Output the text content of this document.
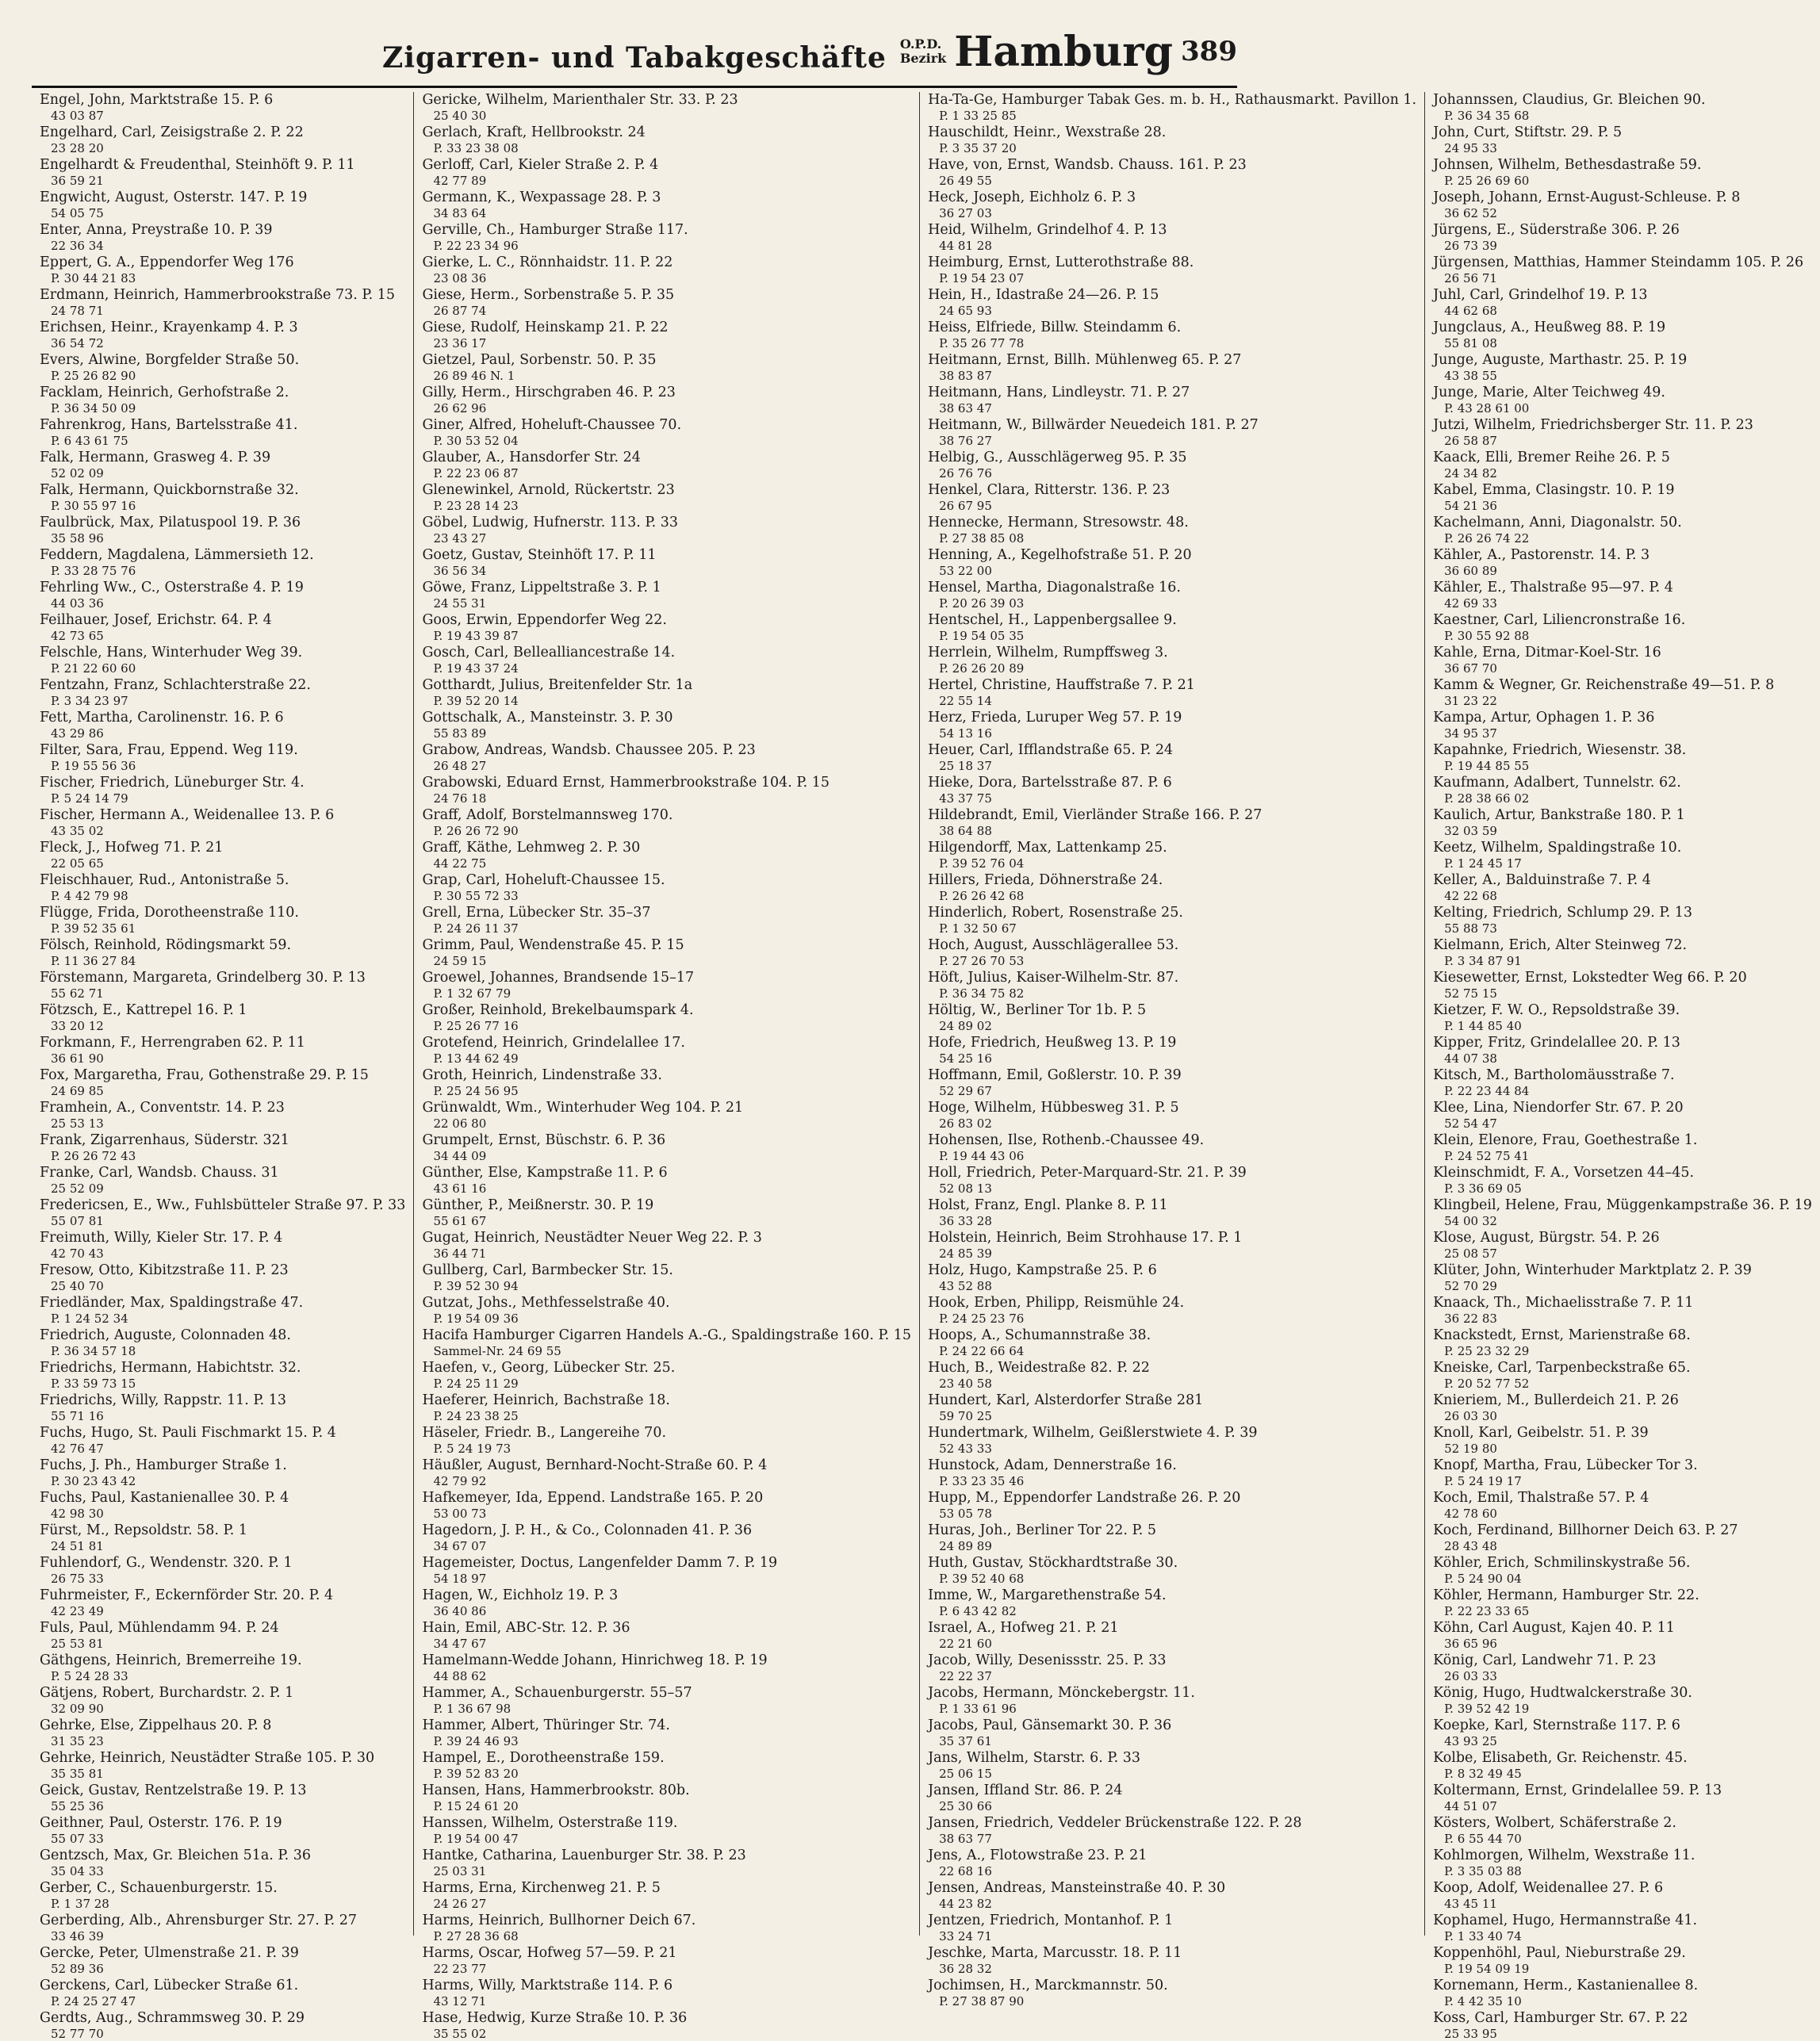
Zigarren- und Tabakgeschäfte	O.P.D.
Bezirk Hamburg 389
Engel, John, Marktstraße 15. P. 6
43 03 87
Engelhard, Carl, Zeisigstraße 2. P. 22
23 28 20
Engelhardt & Freudenthal, Steinhöft 9. P. 11
36 59 21
Engwicht, August, Osterstr. 147. P. 19
54 05 75
Enter, Anna, Preystraße 10. P. 39
22 36 34
Eppert, G. A., Eppendorfer Weg 176
P. 30 44 21 83
Erdmann, Heinrich, Hammerbrookstraße 73. P. 15
24 78 71
Erichsen, Heinr., Krayenkamp 4. P. 3
36 54 72
Evers, Alwine, Borgfelder Straße 50.
P. 25 26 82 90
Facklam, Heinrich, Gerhofstraße 2.
P. 36 34 50 09
Fahrenkrog, Hans, Bartelsstraße 41.
P. 6 43 61 75
Falk, Hermann, Grasweg 4. P. 39
52 02 09
Falk, Hermann, Quickbornstraße 32.
P. 30 55 97 16
Faulbrück, Max, Pilatuspool 19. P. 36
35 58 96
Feddern, Magdalena, Lämmersieth 12.
P. 33 28 75 76
Fehrling Ww., C., Osterstraße 4. P. 19
44 03 36
Feilhauer, Josef, Erichstr. 64. P. 4
42 73 65
Felschle, Hans, Winterhuder Weg 39.
P. 21 22 60 60
Fentzahn, Franz, Schlachterstraße 22.
P. 3 34 23 97
Fett, Martha, Carolinenstr. 16. P. 6
43 29 86
Filter, Sara, Frau, Eppend. Weg 119.
P. 19 55 56 36
Fischer, Friedrich, Lüneburger Str. 4.
P. 5 24 14 79
Fischer, Hermann A., Weidenallee 13. P. 6
43 35 02
Fleck, J., Hofweg 71. P. 21
22 05 65
Fleischhauer, Rud., Antonistraße 5.
P. 4 42 79 98
Flügge, Frida, Dorotheenstraße 110.
P. 39 52 35 61
Fölsch, Reinhold, Rödingsmarkt 59.
P. 11 36 27 84
Förstemann, Margareta, Grindelberg 30. P. 13
55 62 71
Fötzsch, E., Kattrepel 16. P. 1
33 20 12
Forkmann, F., Herrengraben 62. P. 11
36 61 90
Fox, Margaretha, Frau, Gothenstraße 29. P. 15
24 69 85
Framhein, A., Conventstr. 14. P. 23
25 53 13
Frank, Zigarrenhaus, Süderstr. 321
P. 26 26 72 43
Franke, Carl, Wandsb. Chauss. 31
25 52 09
Fredericsen, E., Ww., Fuhlsbütteler Straße 97. P. 33
55 07 81
Freimuth, Willy, Kieler Str. 17. P. 4
42 70 43
Fresow, Otto, Kibitzstraße 11. P. 23
25 40 70
Friedländer, Max, Spaldingstraße 47.
P. 1 24 52 34
Friedrich, Auguste, Colonnaden 48.
P. 36 34 57 18
Friedrichs, Hermann, Habichtstr. 32.
P. 33 59 73 15
Friedrichs, Willy, Rappstr. 11. P. 13
55 71 16
Fuchs, Hugo, St. Pauli Fischmarkt 15. P. 4
42 76 47
Fuchs, J. Ph., Hamburger Straße 1.
P. 30 23 43 42
Fuchs, Paul, Kastanienallee 30. P. 4
42 98 30
Fürst, M., Repsoldstr. 58. P. 1
24 51 81
Fuhlendorf, G., Wendenstr. 320. P. 1
26 75 33
Fuhrmeister, F., Eckernförder Str. 20. P. 4
42 23 49
Fuls, Paul, Mühlendamm 94. P. 24
25 53 81
Gäthgens, Heinrich, Bremerreihe 19.
P. 5 24 28 33
Gätjens, Robert, Burchardstr. 2. P. 1
32 09 90
Gehrke, Else, Zippelhaus 20. P. 8
31 35 23
Gehrke, Heinrich, Neustädter Straße 105. P. 30
35 35 81
Geick, Gustav, Rentzelstraße 19. P. 13
55 25 36
Geithner, Paul, Osterstr. 176. P. 19
55 07 33
Gentzsch, Max, Gr. Bleichen 51a. P. 36
35 04 33
Gerber, C., Schauenburgerstr. 15.
P. 1 37 28
Gerberding, Alb., Ahrensburger Str. 27. P. 27
33 46 39
Gercke, Peter, Ulmenstraße 21. P. 39
52 89 36
Gerckens, Carl, Lübecker Straße 61.
P. 24 25 27 47
Gerdts, Aug., Schrammsweg 30. P. 29
52 77 70
Gericke, Wilhelm, Marienthaler Str. 33. P. 23
25 40 30
Gerlach, Kraft, Hellbrookstr. 24
P. 33 23 38 08
Gerloff, Carl, Kieler Straße 2. P. 4
42 77 89
Germann, K., Wexpassage 28. P. 3
34 83 64
Gerville, Ch., Hamburger Straße 117.
P. 22 23 34 96
Gierke, L. C., Rönnhaidstr. 11. P. 22
23 08 36
Giese, Herm., Sorbenstraße 5. P. 35
26 87 74
Giese, Rudolf, Heinskamp 21. P. 22
23 36 17
Gietzel, Paul, Sorbenstr. 50. P. 35
26 89 46 N. 1
Gilly, Herm., Hirschgraben 46. P. 23
26 62 96
Giner, Alfred, Hoheluft-Chaussee 70.
P. 30 53 52 04
Glauber, A., Hansdorfer Str. 24
P. 22 23 06 87
Glenewinkel, Arnold, Rückertstr. 23
P. 23 28 14 23
Göbel, Ludwig, Hufnerstr. 113. P. 33
23 43 27
Goetz, Gustav, Steinhöft 17. P. 11
36 56 34
Göwe, Franz, Lippeltstraße 3. P. 1
24 55 31
Goos, Erwin, Eppendorfer Weg 22.
P. 19 43 39 87
Gosch, Carl, Bellealliancestraße 14.
P. 19 43 37 24
Gotthardt, Julius, Breitenfelder Str. 1a
P. 39 52 20 14
Gottschalk, A., Mansteinstr. 3. P. 30
55 83 89
Grabow, Andreas, Wandsb. Chaussee 205. P. 23
26 48 27
Grabowski, Eduard Ernst, Hammerbrookstraße 104. P. 15
24 76 18
Graff, Adolf, Borstelmannsweg 170.
P. 26 26 72 90
Graff, Käthe, Lehmweg 2. P. 30
44 22 75
Grap, Carl, Hoheluft-Chaussee 15.
P. 30 55 72 33
Grell, Erna, Lübecker Str. 35–37
P. 24 26 11 37
Grimm, Paul, Wendenstraße 45. P. 15
24 59 15
Groewel, Johannes, Brandsende 15–17
P. 1 32 67 79
Großer, Reinhold, Brekelbaumspark 4.
P. 25 26 77 16
Grotefend, Heinrich, Grindelallee 17.
P. 13 44 62 49
Groth, Heinrich, Lindenstraße 33.
P. 25 24 56 95
Grünwaldt, Wm., Winterhuder Weg 104. P. 21
22 06 80
Grumpelt, Ernst, Büschstr. 6. P. 36
34 44 09
Günther, Else, Kampstraße 11. P. 6
43 61 16
Günther, P., Meißnerstr. 30. P. 19
55 61 67
Gugat, Heinrich, Neustädter Neuer Weg 22. P. 3
36 44 71
Gullberg, Carl, Barmbecker Str. 15.
P. 39 52 30 94
Gutzat, Johs., Methfesselstraße 40.
P. 19 54 09 36
Hacifa Hamburger Cigarren Handels A.-G., Spaldingstraße 160. P. 15
Sammel-Nr. 24 69 55
Haefen, v., Georg, Lübecker Str. 25.
P. 24 25 11 29
Haeferer, Heinrich, Bachstraße 18.
P. 24 23 38 25
Häseler, Friedr. B., Langereihe 70.
P. 5 24 19 73
Häußler, August, Bernhard-Nocht-Straße 60. P. 4
42 79 92
Hafkemeyer, Ida, Eppend. Landstraße 165. P. 20
53 00 73
Hagedorn, J. P. H., & Co., Colonnaden 41. P. 36
34 67 07
Hagemeister, Doctus, Langenfelder Damm 7. P. 19
54 18 97
Hagen, W., Eichholz 19. P. 3
36 40 86
Hain, Emil, ABC-Str. 12. P. 36
34 47 67
Hamelmann-Wedde Johann, Hinrichweg 18. P. 19
44 88 62
Hammer, A., Schauenburgerstr. 55–57
P. 1 36 67 98
Hammer, Albert, Thüringer Str. 74.
P. 39 24 46 93
Hampel, E., Dorotheenstraße 159.
P. 39 52 83 20
Hansen, Hans, Hammerbrookstr. 80b.
P. 15 24 61 20
Hanssen, Wilhelm, Osterstraße 119.
P. 19 54 00 47
Hantke, Catharina, Lauenburger Str. 38. P. 23
25 03 31
Harms, Erna, Kirchenweg 21. P. 5
24 26 27
Harms, Heinrich, Bullhorner Deich 67.
P. 27 28 36 68
Harms, Oscar, Hofweg 57—59. P. 21
22 23 77
Harms, Willy, Marktstraße 114. P. 6
43 12 71
Hase, Hedwig, Kurze Straße 10. P. 36
35 55 02
Ha-Ta-Ge, Hamburger Tabak Ges. m. b. H., Rathausmarkt. Pavillon 1.
P. 1 33 25 85
Hauschildt, Heinr., Wexstraße 28.
P. 3 35 37 20
Have, von, Ernst, Wandsb. Chauss. 161. P. 23
26 49 55
Heck, Joseph, Eichholz 6. P. 3
36 27 03
Heid, Wilhelm, Grindelhof 4. P. 13
44 81 28
Heimburg, Ernst, Lutterothstraße 88.
P. 19 54 23 07
Hein, H., Idastraße 24—26. P. 15
24 65 93
Heiss, Elfriede, Billw. Steindamm 6.
P. 35 26 77 78
Heitmann, Ernst, Billh. Mühlenweg 65. P. 27
38 83 87
Heitmann, Hans, Lindleystr. 71. P. 27
38 63 47
Heitmann, W., Billwärder Neuedeich 181. P. 27
38 76 27
Helbig, G., Ausschlägerweg 95. P. 35
26 76 76
Henkel, Clara, Ritterstr. 136. P. 23
26 67 95
Hennecke, Hermann, Stresowstr. 48.
P. 27 38 85 08
Henning, A., Kegelhofstraße 51. P. 20
53 22 00
Hensel, Martha, Diagonalstraße 16.
P. 20 26 39 03
Hentschel, H., Lappenbergsallee 9.
P. 19 54 05 35
Herrlein, Wilhelm, Rumpffsweg 3.
P. 26 26 20 89
Hertel, Christine, Hauffstraße 7. P. 21
22 55 14
Herz, Frieda, Luruper Weg 57. P. 19
54 13 16
Heuer, Carl, Ifflandstraße 65. P. 24
25 18 37
Hieke, Dora, Bartelsstraße 87. P. 6
43 37 75
Hildebrandt, Emil, Vierländer Straße 166. P. 27
38 64 88
Hilgendorff, Max, Lattenkamp 25.
P. 39 52 76 04
Hillers, Frieda, Döhnerstraße 24.
P. 26 26 42 68
Hinderlich, Robert, Rosenstraße 25.
P. 1 32 50 67
Hoch, August, Ausschlägerallee 53.
P. 27 26 70 53
Höft, Julius, Kaiser-Wilhelm-Str. 87.
P. 36 34 75 82
Höltig, W., Berliner Tor 1b. P. 5
24 89 02
Hofe, Friedrich, Heußweg 13. P. 19
54 25 16
Hoffmann, Emil, Goßlerstr. 10. P. 39
52 29 67
Hoge, Wilhelm, Hübbesweg 31. P. 5
26 83 02
Hohensen, Ilse, Rothenb.-Chaussee 49.
P. 19 44 43 06
Holl, Friedrich, Peter-Marquard-Str. 21. P. 39
52 08 13
Holst, Franz, Engl. Planke 8. P. 11
36 33 28
Holstein, Heinrich, Beim Strohhause 17. P. 1
24 85 39
Holz, Hugo, Kampstraße 25. P. 6
43 52 88
Hook, Erben, Philipp, Reismühle 24.
P. 24 25 23 76
Hoops, A., Schumannstraße 38.
P. 24 22 66 64
Huch, B., Weidestraße 82. P. 22
23 40 58
Hundert, Karl, Alsterdorfer Straße 281
59 70 25
Hundertmark, Wilhelm, Geißlerstwiete 4. P. 39
52 43 33
Hunstock, Adam, Dennerstraße 16.
P. 33 23 35 46
Hupp, M., Eppendorfer Landstraße 26. P. 20
53 05 78
Huras, Joh., Berliner Tor 22. P. 5
24 89 89
Huth, Gustav, Stöckhardtstraße 30.
P. 39 52 40 68
Imme, W., Margarethenstraße 54.
P. 6 43 42 82
Israel, A., Hofweg 21. P. 21
22 21 60
Jacob, Willy, Desenissstr. 25. P. 33
22 22 37
Jacobs, Hermann, Mönckebergstr. 11.
P. 1 33 61 96
Jacobs, Paul, Gänsemarkt 30. P. 36
35 37 61
Jans, Wilhelm, Starstr. 6. P. 33
25 06 15
Jansen, Iffland Str. 86. P. 24
25 30 66
Jansen, Friedrich, Veddeler Brückenstraße 122. P. 28
38 63 77
Jens, A., Flotowstraße 23. P. 21
22 68 16
Jensen, Andreas, Mansteinstraße 40. P. 30
44 23 82
Jentzen, Friedrich, Montanhof. P. 1
33 24 71
Jeschke, Marta, Marcusstr. 18. P. 11
36 28 32
Jochimsen, H., Marckmannstr. 50.
P. 27 38 87 90
Johannssen, Claudius, Gr. Bleichen 90.
P. 36 34 35 68
John, Curt, Stiftstr. 29. P. 5
24 95 33
Johnsen, Wilhelm, Bethesdastraße 59.
P. 25 26 69 60
Joseph, Johann, Ernst-August-Schleuse. P. 8
36 62 52
Jürgens, E., Süderstraße 306. P. 26
26 73 39
Jürgensen, Matthias, Hammer Steindamm 105. P. 26
26 56 71
Juhl, Carl, Grindelhof 19. P. 13
44 62 68
Jungclaus, A., Heußweg 88. P. 19
55 81 08
Junge, Auguste, Marthastr. 25. P. 19
43 38 55
Junge, Marie, Alter Teichweg 49.
P. 43 28 61 00
Jutzi, Wilhelm, Friedrichsberger Str. 11. P. 23
26 58 87
Kaack, Elli, Bremer Reihe 26. P. 5
24 34 82
Kabel, Emma, Clasingstr. 10. P. 19
54 21 36
Kachelmann, Anni, Diagonalstr. 50.
P. 26 26 74 22
Kähler, A., Pastorenstr. 14. P. 3
36 60 89
Kähler, E., Thalstraße 95—97. P. 4
42 69 33
Kaestner, Carl, Liliencronstraße 16.
P. 30 55 92 88
Kahle, Erna, Ditmar-Koel-Str. 16
36 67 70
Kamm & Wegner, Gr. Reichenstraße 49—51. P. 8
31 23 22
Kampa, Artur, Ophagen 1. P. 36
34 95 37
Kapahnke, Friedrich, Wiesenstr. 38.
P. 19 44 85 55
Kaufmann, Adalbert, Tunnelstr. 62.
P. 28 38 66 02
Kaulich, Artur, Bankstraße 180. P. 1
32 03 59
Keetz, Wilhelm, Spaldingstraße 10.
P. 1 24 45 17
Keller, A., Balduinstraße 7. P. 4
42 22 68
Kelting, Friedrich, Schlump 29. P. 13
55 88 73
Kielmann, Erich, Alter Steinweg 72.
P. 3 34 87 91
Kiesewetter, Ernst, Lokstedter Weg 66. P. 20
52 75 15
Kietzer, F. W. O., Repsoldstraße 39.
P. 1 44 85 40
Kipper, Fritz, Grindelallee 20. P. 13
44 07 38
Kitsch, M., Bartholomäusstraße 7.
P. 22 23 44 84
Klee, Lina, Niendorfer Str. 67. P. 20
52 54 47
Klein, Elenore, Frau, Goethestraße 1.
P. 24 52 75 41
Kleinschmidt, F. A., Vorsetzen 44–45.
P. 3 36 69 05
Klingbeil, Helene, Frau, Müggenkampstraße 36. P. 19
54 00 32
Klose, August, Bürgstr. 54. P. 26
25 08 57
Klüter, John, Winterhuder Marktplatz 2. P. 39
52 70 29
Knaack, Th., Michaelisstraße 7. P. 11
36 22 83
Knackstedt, Ernst, Marienstraße 68.
P. 25 23 32 29
Kneiske, Carl, Tarpenbeckstraße 65.
P. 20 52 77 52
Knieriem, M., Bullerdeich 21. P. 26
26 03 30
Knoll, Karl, Geibelstr. 51. P. 39
52 19 80
Knopf, Martha, Frau, Lübecker Tor 3.
P. 5 24 19 17
Koch, Emil, Thalstraße 57. P. 4
42 78 60
Koch, Ferdinand, Billhorner Deich 63. P. 27
28 43 48
Köhler, Erich, Schmilinskystraße 56.
P. 5 24 90 04
Köhler, Hermann, Hamburger Str. 22.
P. 22 23 33 65
Köhn, Carl August, Kajen 40. P. 11
36 65 96
König, Carl, Landwehr 71. P. 23
26 03 33
König, Hugo, Hudtwalckerstraße 30.
P. 39 52 42 19
Koepke, Karl, Sternstraße 117. P. 6
43 93 25
Kolbe, Elisabeth, Gr. Reichenstr. 45.
P. 8 32 49 45
Koltermann, Ernst, Grindelallee 59. P. 13
44 51 07
Kösters, Wolbert, Schäferstraße 2.
P. 6 55 44 70
Kohlmorgen, Wilhelm, Wexstraße 11.
P. 3 35 03 88
Koop, Adolf, Weidenallee 27. P. 6
43 45 11
Kophamel, Hugo, Hermannstraße 41.
P. 1 33 40 74
Koppenhöhl, Paul, Nieburstraße 29.
P. 19 54 09 19
Kornemann, Herm., Kastanienallee 8.
P. 4 42 35 10
Koss, Carl, Hamburger Str. 67. P. 22
25 33 95
